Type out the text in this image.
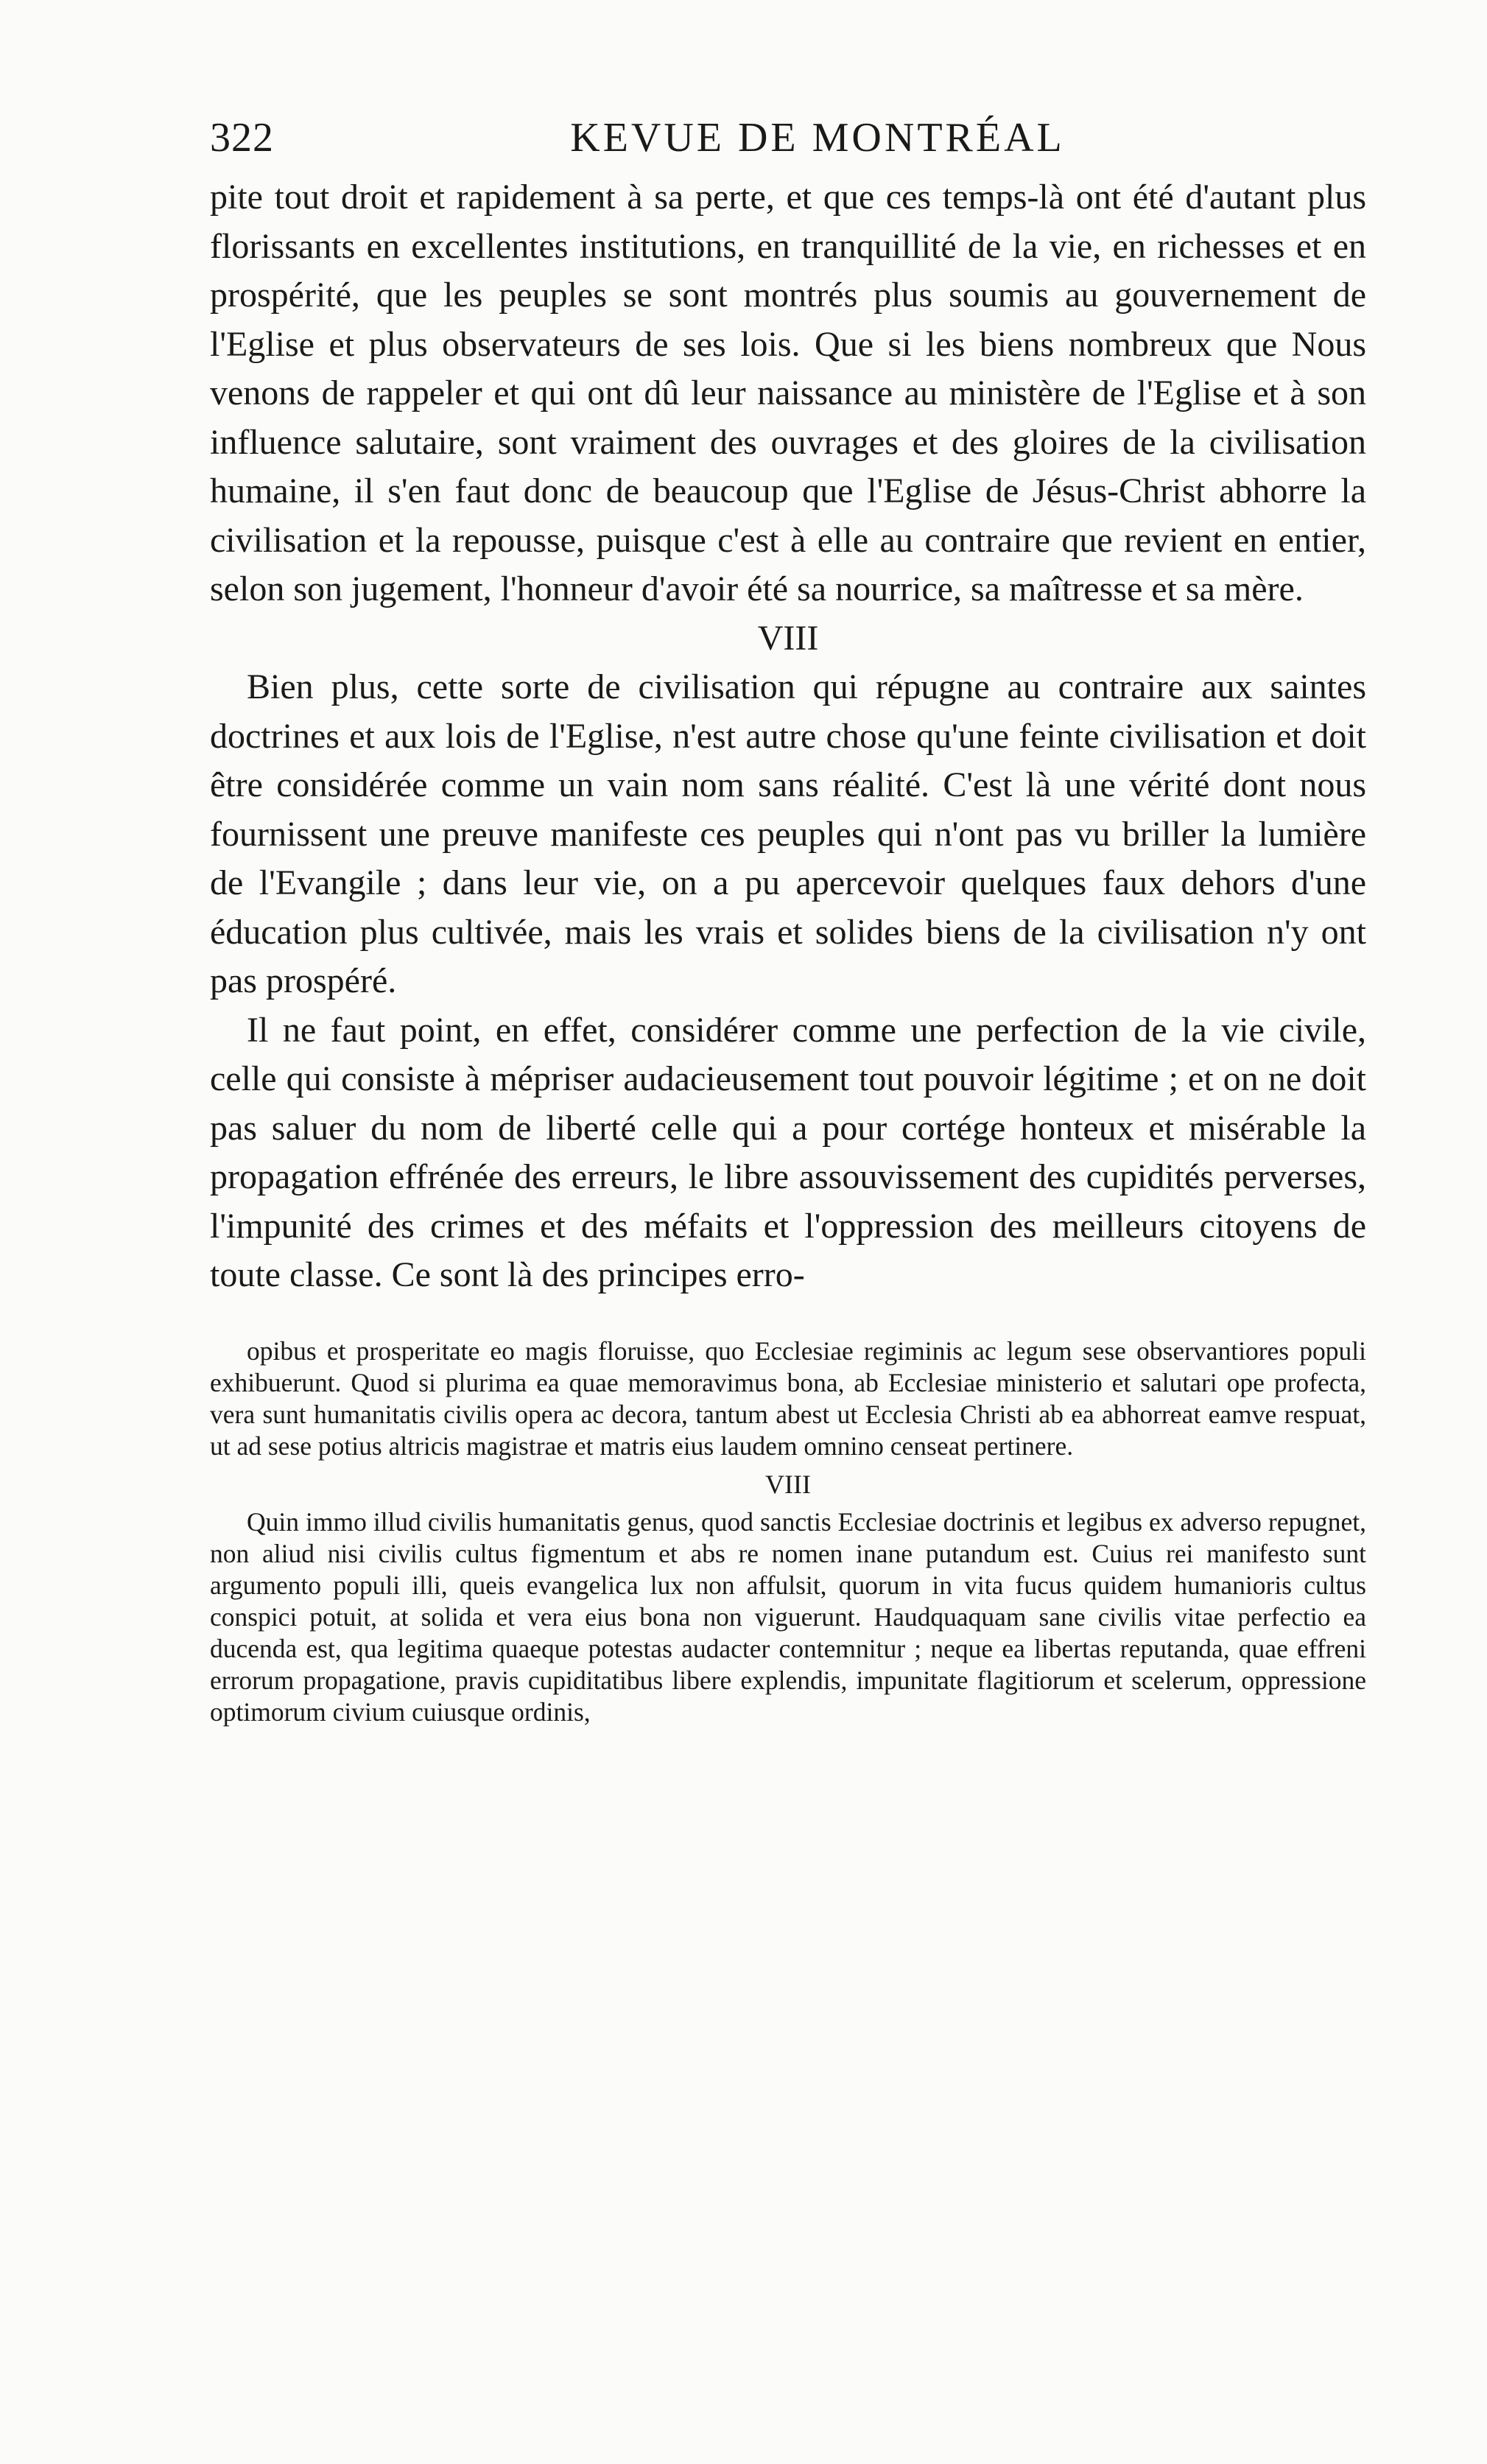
322	KEVUE DE MONTRÉAL

pite tout droit et rapidement à sa perte, et que ces temps-là ont été d'autant plus florissants en excellentes institutions, en tranquillité de la vie, en richesses et en prospérité, que les peuples se sont montrés plus soumis au gouvernement de l'Eglise et plus observateurs de ses lois. Que si les biens nombreux que Nous venons de rappeler et qui ont dû leur naissance au ministère de l'Eglise et à son influence salutaire, sont vraiment des ouvrages et des gloires de la civilisation humaine, il s'en faut donc de beaucoup que l'Eglise de Jésus-Christ abhorre la civilisation et la repousse, puisque c'est à elle au contraire que revient en entier, selon son jugement, l'honneur d'avoir été sa nourrice, sa maîtresse et sa mère.

VIII

Bien plus, cette sorte de civilisation qui répugne au contraire aux saintes doctrines et aux lois de l'Eglise, n'est autre chose qu'une feinte civilisation et doit être considérée comme un vain nom sans réalité. C'est là une vérité dont nous fournissent une preuve manifeste ces peuples qui n'ont pas vu briller la lumière de l'Evangile ; dans leur vie, on a pu apercevoir quelques faux dehors d'une éducation plus cultivée, mais les vrais et solides biens de la civilisation n'y ont pas prospéré.

Il ne faut point, en effet, considérer comme une perfection de la vie civile, celle qui consiste à mépriser audacieusement tout pouvoir légitime ; et on ne doit pas saluer du nom de liberté celle qui a pour cortége honteux et misérable la propagation effrénée des erreurs, le libre assouvissement des cupidités perverses, l'impunité des crimes et des méfaits et l'oppression des meilleurs citoyens de toute classe. Ce sont là des principes erro-

opibus et prosperitate eo magis floruisse, quo Ecclesiae regiminis ac legum sese observantiores populi exhibuerunt. Quod si plurima ea quae memoravimus bona, ab Ecclesiae ministerio et salutari ope profecta, vera sunt humanitatis civilis opera ac decora, tantum abest ut Ecclesia Christi ab ea abhorreat eamve respuat, ut ad sese potius altricis magistrae et matris eius laudem omnino censeat pertinere.

VIII

Quin immo illud civilis humanitatis genus, quod sanctis Ecclesiae doctrinis et legibus ex adverso repugnet, non aliud nisi civilis cultus figmentum et abs re nomen inane putandum est. Cuius rei manifesto sunt argumento populi illi, queis evangelica lux non affulsit, quorum in vita fucus quidem humanioris cultus conspici potuit, at solida et vera eius bona non viguerunt. Haudquaquam sane civilis vitae perfectio ea ducenda est, qua legitima quaeque potestas audacter contemnitur ; neque ea libertas reputanda, quae effreni errorum propagatione, pravis cupiditatibus libere explendis, impunitate flagitiorum et scelerum, oppressione optimorum civium cuiusque ordinis,
